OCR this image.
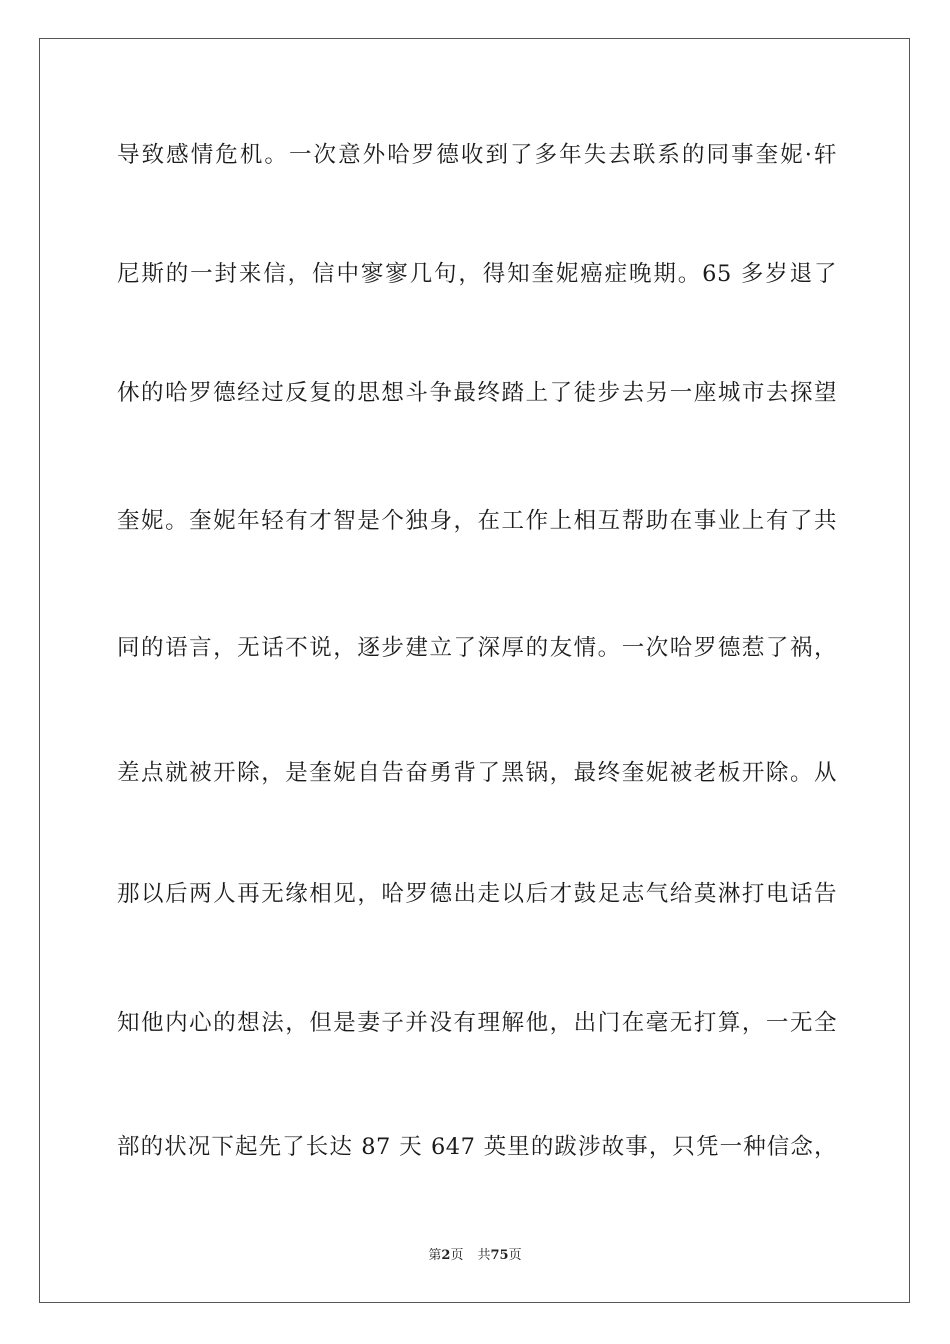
导致感情危机。一次意外哈罗德收到了多年失去联系的同事奎妮·轩
尼斯的一封来信，信中寥寥几句，得知奎妮癌症晚期。65 多岁退了
休的哈罗德经过反复的思想斗争最终踏上了徒步去另一座城市去探望
奎妮。奎妮年轻有才智是个独身，在工作上相互帮助在事业上有了共
同的语言，无话不说，逐步建立了深厚的友情。一次哈罗德惹了祸，
差点就被开除，是奎妮自告奋勇背了黑锅，最终奎妮被老板开除。从
那以后两人再无缘相见，哈罗德出走以后才鼓足志气给莫淋打电话告
知他内心的想法，但是妻子并没有理解他，出门在毫无打算，一无全
部的状况下起先了长达 87 天 647 英里的跋涉故事，只凭一种信念，
第2页 共75页
